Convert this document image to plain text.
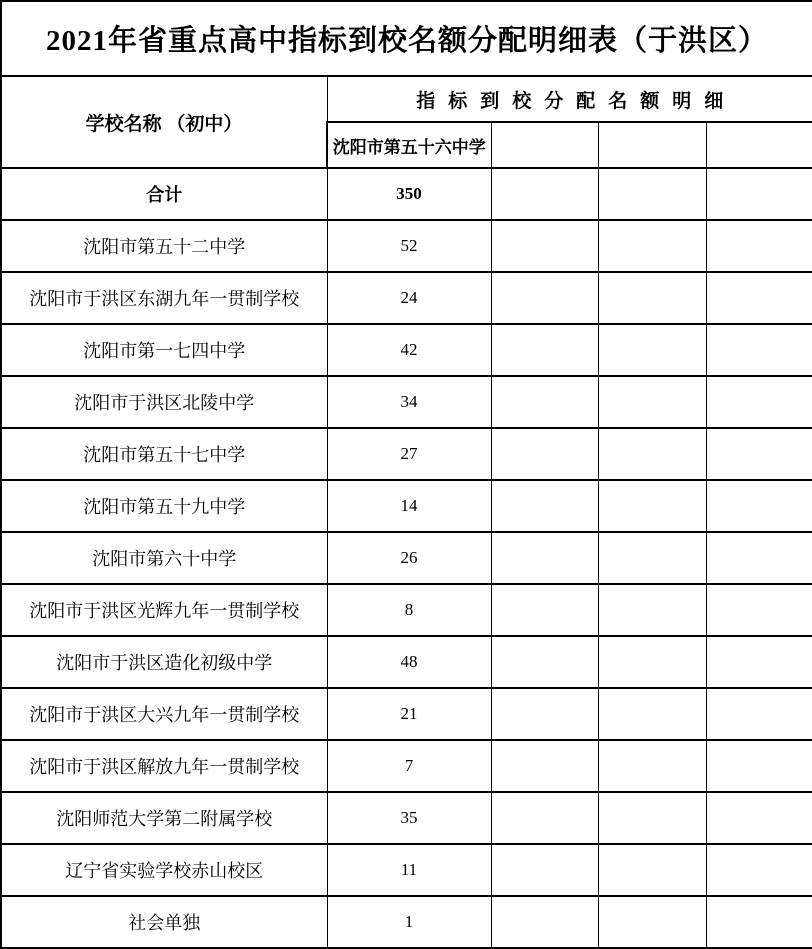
2021年省重点高中指标到校名额分配明细表（于洪区）				
学校名称 （初中）	指标到校分配名额明细			
	沈阳市第五十六中学			
合计	350			
沈阳市第五十二中学	52			
沈阳市于洪区东湖九年一贯制学校	24			
沈阳市第一七四中学	42			
沈阳市于洪区北陵中学	34			
沈阳市第五十七中学	27			
沈阳市第五十九中学	14			
沈阳市第六十中学	26			
沈阳市于洪区光辉九年一贯制学校	8			
沈阳市于洪区造化初级中学	48			
沈阳市于洪区大兴九年一贯制学校	21			
沈阳市于洪区解放九年一贯制学校	7			
沈阳师范大学第二附属学校	35			
辽宁省实验学校赤山校区	11			
社会单独	1			
